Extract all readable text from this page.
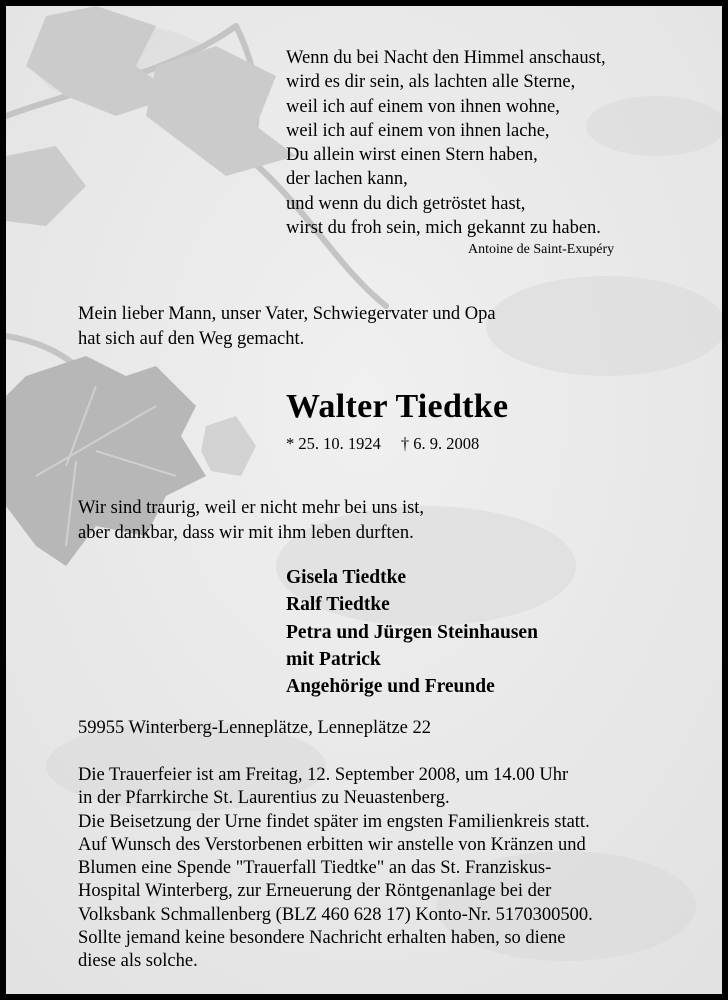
Wenn du bei Nacht den Himmel anschaust,
wird es dir sein, als lachten alle Sterne,
weil ich auf einem von ihnen wohne,
weil ich auf einem von ihnen lache,
Du allein wirst einen Stern haben,
der lachen kann,
und wenn du dich getröstet hast,
wirst du froh sein, mich gekannt zu haben.
Antoine de Saint-Exupéry
Mein lieber Mann, unser Vater, Schwiegervater und Opa
hat sich auf den Weg gemacht.
Walter Tiedtke
* 25. 10. 1924 † 6. 9. 2008
Wir sind traurig, weil er nicht mehr bei uns ist,
aber dankbar, dass wir mit ihm leben durften.
Gisela Tiedtke
Ralf Tiedtke
Petra und Jürgen Steinhausen
mit Patrick
Angehörige und Freunde
59955 Winterberg-Lenneplätze, Lenneplätze 22
Die Trauerfeier ist am Freitag, 12. September 2008, um 14.00 Uhr
in der Pfarrkirche St. Laurentius zu Neuastenberg.
Die Beisetzung der Urne findet später im engsten Familienkreis statt.
Auf Wunsch des Verstorbenen erbitten wir anstelle von Kränzen und
Blumen eine Spende "Trauerfall Tiedtke" an das St. Franziskus-
Hospital Winterberg, zur Erneuerung der Röntgenanlage bei der
Volksbank Schmallenberg (BLZ 460 628 17) Konto-Nr. 5170300500.
Sollte jemand keine besondere Nachricht erhalten haben, so diene
diese als solche.
